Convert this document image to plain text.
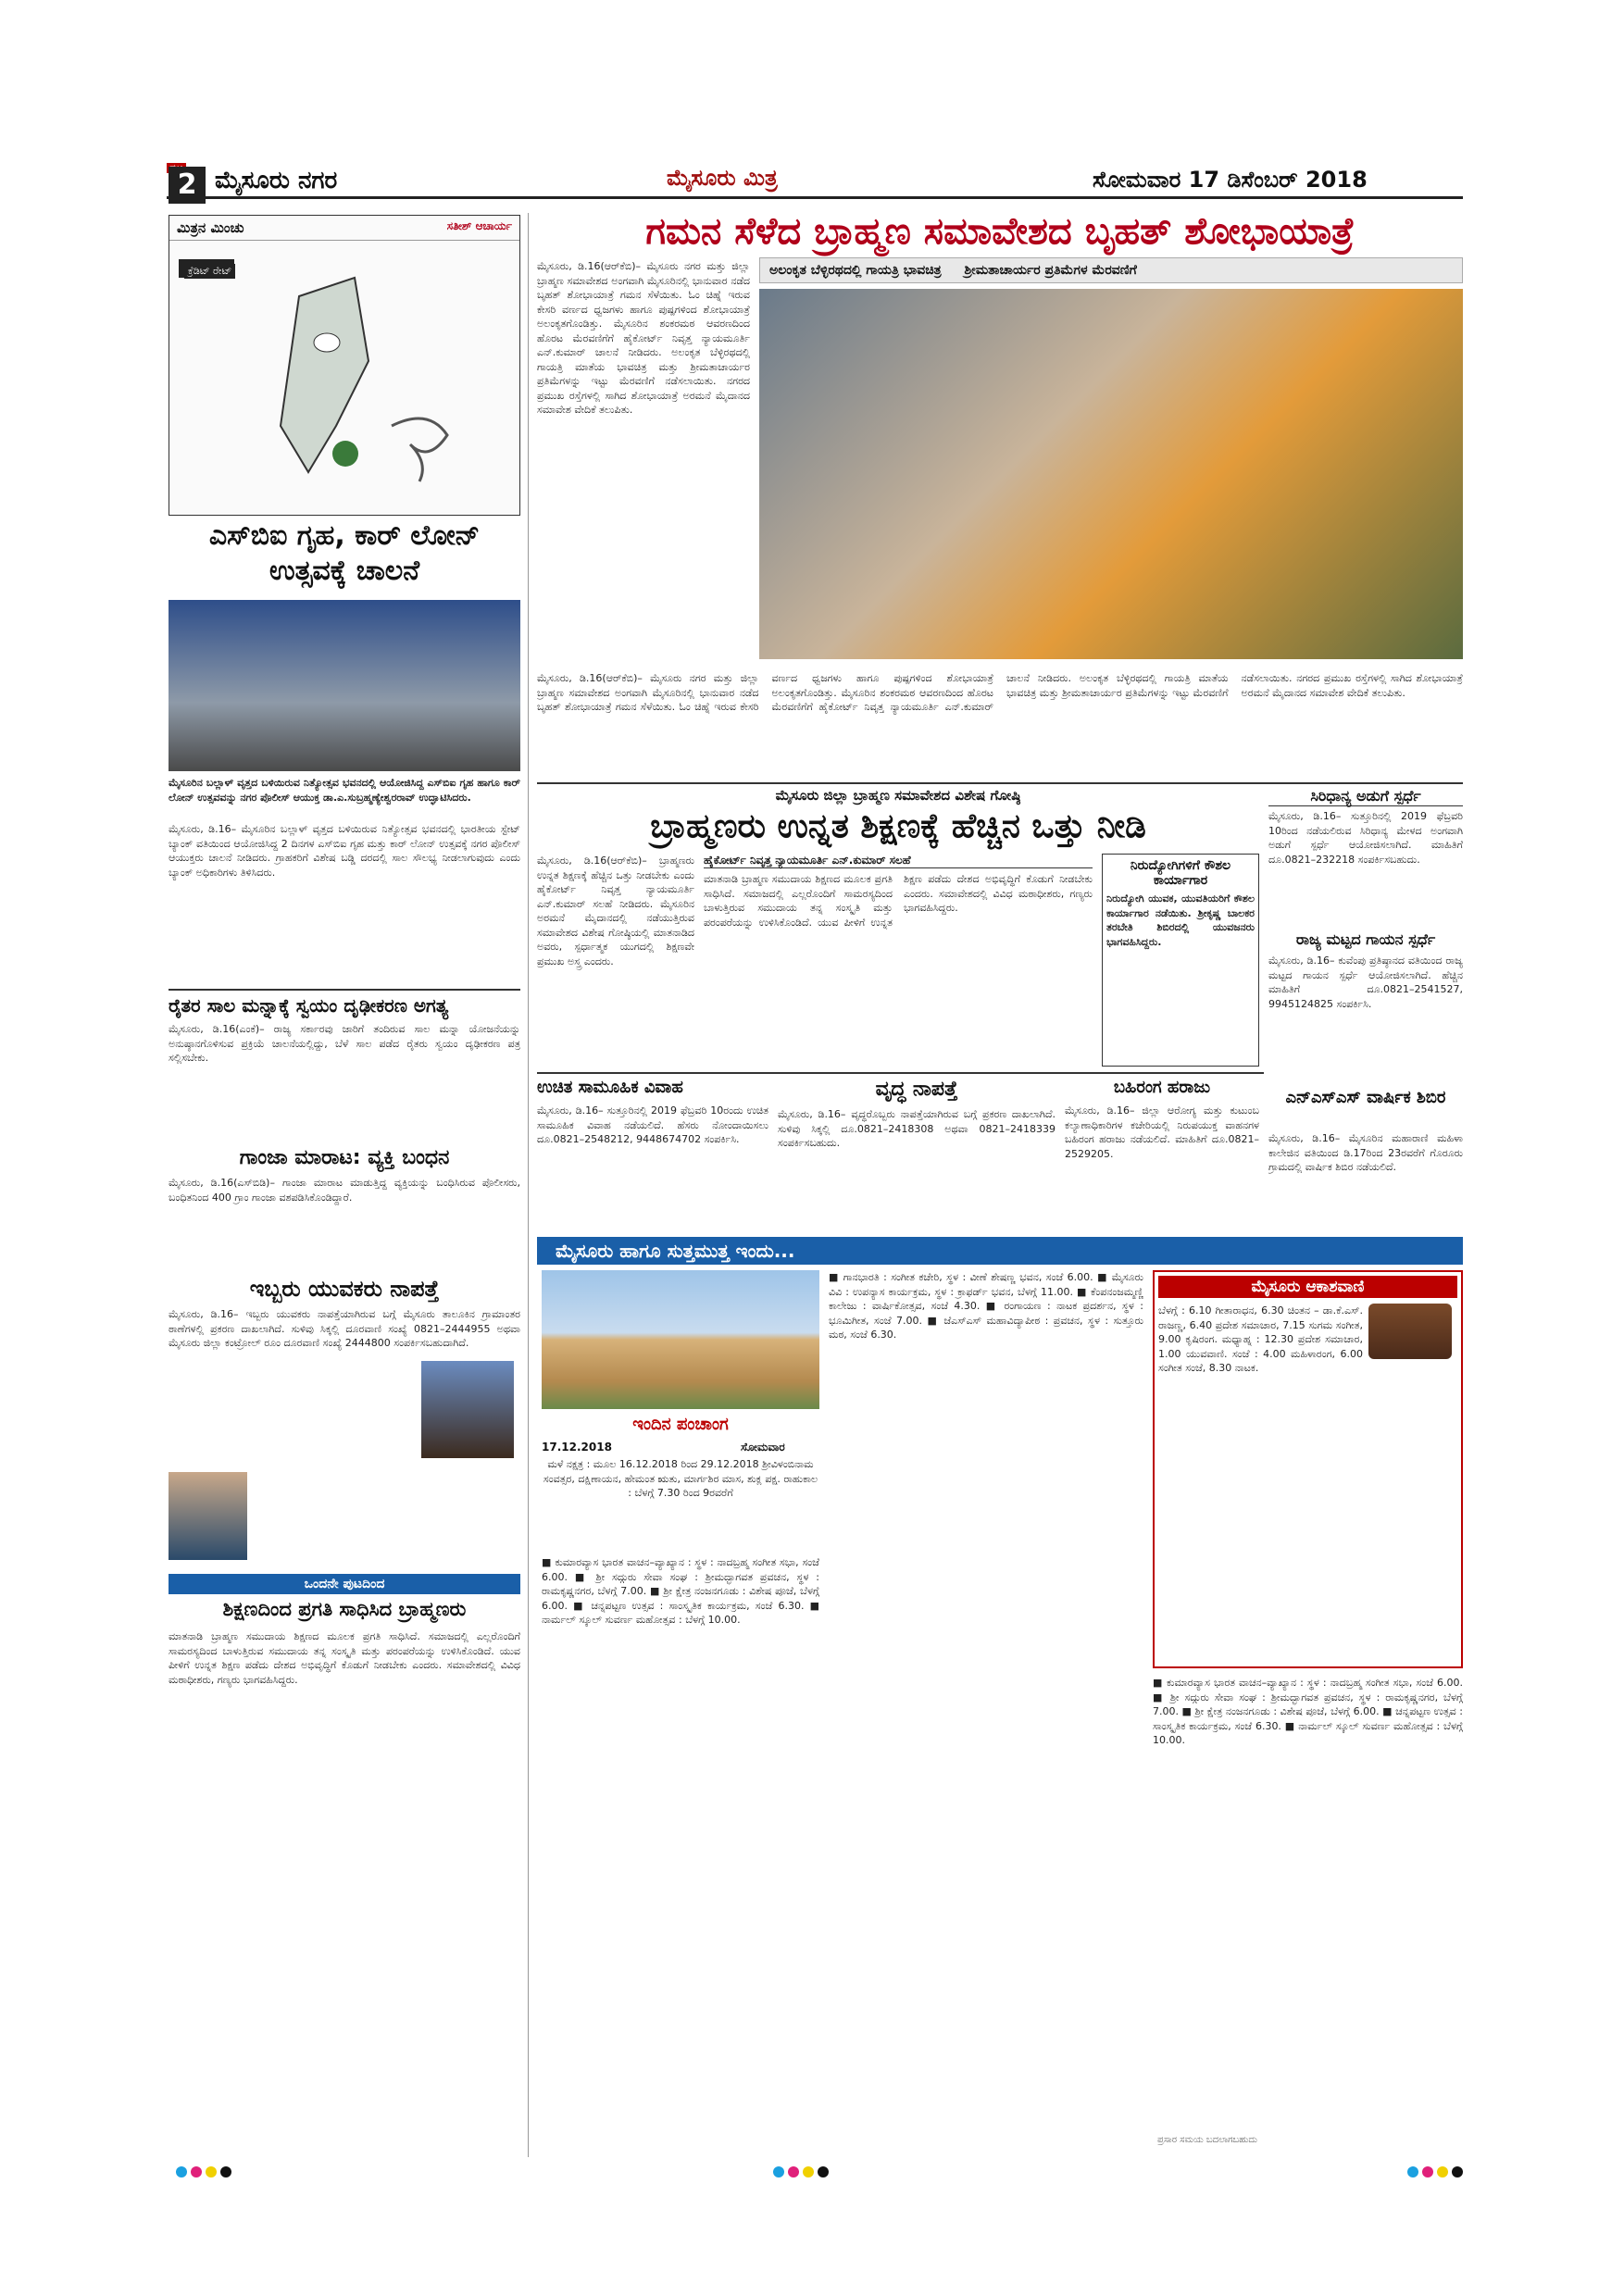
2 ಮೈಸೂರು ನಗರ	ಮೈಸೂರು ಮಿತ್ರ	ಸೋಮವಾರ 17 ಡಿಸೆಂಬರ್ 2018
ಮಿತ್ರನ ಮಿಂಚು	ಸತೀಶ್ ಆಚಾರ್ಯ
ಕ್ರೆಡಿಟ್ ರೇಟ್
ಎಸ್‌ಬಿಐ ಗೃಹ, ಕಾರ್ ಲೋನ್ ಉತ್ಸವಕ್ಕೆ ಚಾಲನೆ
ಮೈಸೂರಿನ ಬಲ್ಲಾಳ್ ವೃತ್ತದ ಬಳಿಯಿರುವ ನಿತ್ಯೋತ್ಸವ ಭವನದಲ್ಲಿ ಆಯೋಜಿಸಿದ್ದ ಎಸ್‌ಬಿಐ ಗೃಹ ಹಾಗೂ ಕಾರ್ ಲೋನ್ ಉತ್ಸವವನ್ನು ನಗರ ಪೊಲೀಸ್ ಆಯುಕ್ತ ಡಾ.ಎ.ಸುಬ್ರಹ್ಮಣ್ಯೇಶ್ವರರಾವ್ ಉದ್ಘಾಟಿಸಿದರು.
ಮೈಸೂರು, ಡಿ.16– ಮೈಸೂರಿನ ಬಲ್ಲಾಳ್ ವೃತ್ತದ ಬಳಿಯಿರುವ ನಿತ್ಯೋತ್ಸವ ಭವನದಲ್ಲಿ ಭಾರತೀಯ ಸ್ಟೇಟ್ ಬ್ಯಾಂಕ್ ವತಿಯಿಂದ ಆಯೋಜಿಸಿದ್ದ 2 ದಿನಗಳ ಎಸ್‌ಬಿಐ ಗೃಹ ಮತ್ತು ಕಾರ್ ಲೋನ್ ಉತ್ಸವಕ್ಕೆ ನಗರ ಪೊಲೀಸ್ ಆಯುಕ್ತರು ಚಾಲನೆ ನೀಡಿದರು. ಗ್ರಾಹಕರಿಗೆ ವಿಶೇಷ ಬಡ್ಡಿ ದರದಲ್ಲಿ ಸಾಲ ಸೌಲಭ್ಯ ನೀಡಲಾಗುವುದು ಎಂದು ಬ್ಯಾಂಕ್ ಅಧಿಕಾರಿಗಳು ತಿಳಿಸಿದರು.
ರೈತರ ಸಾಲ ಮನ್ನಾಕ್ಕೆ ಸ್ವಯಂ ದೃಢೀಕರಣ ಅಗತ್ಯ
ಮೈಸೂರು, ಡಿ.16(ಎಂಕೆ)– ರಾಜ್ಯ ಸರ್ಕಾರವು ಜಾರಿಗೆ ತಂದಿರುವ ಸಾಲ ಮನ್ನಾ ಯೋಜನೆಯನ್ನು ಅನುಷ್ಠಾನಗೊಳಿಸುವ ಪ್ರಕ್ರಿಯೆ ಚಾಲನೆಯಲ್ಲಿದ್ದು, ಬೆಳೆ ಸಾಲ ಪಡೆದ ರೈತರು ಸ್ವಯಂ ದೃಢೀಕರಣ ಪತ್ರ ಸಲ್ಲಿಸಬೇಕು.
ಗಾಂಜಾ ಮಾರಾಟ: ವ್ಯಕ್ತಿ ಬಂಧನ
ಮೈಸೂರು, ಡಿ.16(ಎಸ್‌ಬಿಡಿ)– ಗಾಂಜಾ ಮಾರಾಟ ಮಾಡುತ್ತಿದ್ದ ವ್ಯಕ್ತಿಯನ್ನು ಬಂಧಿಸಿರುವ ಪೊಲೀಸರು, ಬಂಧಿತನಿಂದ 400 ಗ್ರಾಂ ಗಾಂಜಾ ವಶಪಡಿಸಿಕೊಂಡಿದ್ದಾರೆ.
ಇಬ್ಬರು ಯುವಕರು ನಾಪತ್ತೆ
ಮೈಸೂರು, ಡಿ.16– ಇಬ್ಬರು ಯುವಕರು ನಾಪತ್ತೆಯಾಗಿರುವ ಬಗ್ಗೆ ಮೈಸೂರು ತಾಲೂಕಿನ ಗ್ರಾಮಾಂತರ ಠಾಣೆಗಳಲ್ಲಿ ಪ್ರಕರಣ ದಾಖಲಾಗಿದೆ. ಸುಳಿವು ಸಿಕ್ಕಲ್ಲಿ ದೂರವಾಣಿ ಸಂಖ್ಯೆ 0821–2444955 ಅಥವಾ ಮೈಸೂರು ಜಿಲ್ಲಾ ಕಂಟ್ರೋಲ್ ರೂಂ ದೂರವಾಣಿ ಸಂಖ್ಯೆ 2444800 ಸಂಪರ್ಕಿಸಬಹುದಾಗಿದೆ.
ಒಂದನೇ ಪುಟದಿಂದ
ಶಿಕ್ಷಣದಿಂದ ಪ್ರಗತಿ ಸಾಧಿಸಿದ ಬ್ರಾಹ್ಮಣರು
ಮಾತನಾಡಿ ಬ್ರಾಹ್ಮಣ ಸಮುದಾಯ ಶಿಕ್ಷಣದ ಮೂಲಕ ಪ್ರಗತಿ ಸಾಧಿಸಿದೆ. ಸಮಾಜದಲ್ಲಿ ಎಲ್ಲರೊಂದಿಗೆ ಸಾಮರಸ್ಯದಿಂದ ಬಾಳುತ್ತಿರುವ ಸಮುದಾಯ ತನ್ನ ಸಂಸ್ಕೃತಿ ಮತ್ತು ಪರಂಪರೆಯನ್ನು ಉಳಿಸಿಕೊಂಡಿದೆ. ಯುವ ಪೀಳಿಗೆ ಉನ್ನತ ಶಿಕ್ಷಣ ಪಡೆದು ದೇಶದ ಅಭಿವೃದ್ಧಿಗೆ ಕೊಡುಗೆ ನೀಡಬೇಕು ಎಂದರು. ಸಮಾವೇಶದಲ್ಲಿ ವಿವಿಧ ಮಠಾಧೀಶರು, ಗಣ್ಯರು ಭಾಗವಹಿಸಿದ್ದರು.
ಗಮನ ಸೆಳೆದ ಬ್ರಾಹ್ಮಣ ಸಮಾವೇಶದ ಬೃಹತ್ ಶೋಭಾಯಾತ್ರೆ
ಅಲಂಕೃತ ಬೆಳ್ಳಿರಥದಲ್ಲಿ ಗಾಯತ್ರಿ ಭಾವಚಿತ್ರ ಶ್ರೀಮತಾಚಾರ್ಯರ ಪ್ರತಿಮೆಗಳ ಮೆರವಣಿಗೆ
ಮೈಸೂರು, ಡಿ.16(ಆರ್‌ಕೆಬಿ)– ಮೈಸೂರು ನಗರ ಮತ್ತು ಜಿಲ್ಲಾ ಬ್ರಾಹ್ಮಣ ಸಮಾವೇಶದ ಅಂಗವಾಗಿ ಮೈಸೂರಿನಲ್ಲಿ ಭಾನುವಾರ ನಡೆದ ಬೃಹತ್ ಶೋಭಾಯಾತ್ರೆ ಗಮನ ಸೆಳೆಯಿತು. ಓಂ ಚಿಹ್ನೆ ಇರುವ ಕೇಸರಿ ವರ್ಣದ ಧ್ವಜಗಳು ಹಾಗೂ ಪುಷ್ಪಗಳಿಂದ ಶೋಭಾಯಾತ್ರೆ ಅಲಂಕೃತಗೊಂಡಿತ್ತು. ಮೈಸೂರಿನ ಶಂಕರಮಠ ಆವರಣದಿಂದ ಹೊರಟ ಮೆರವಣಿಗೆಗೆ ಹೈಕೋರ್ಟ್ ನಿವೃತ್ತ ನ್ಯಾಯಮೂರ್ತಿ ಎನ್.ಕುಮಾರ್ ಚಾಲನೆ ನೀಡಿದರು. ಅಲಂಕೃತ ಬೆಳ್ಳಿರಥದಲ್ಲಿ ಗಾಯತ್ರಿ ಮಾತೆಯ ಭಾವಚಿತ್ರ ಮತ್ತು ಶ್ರೀಮತಾಚಾರ್ಯರ ಪ್ರತಿಮೆಗಳನ್ನು ಇಟ್ಟು ಮೆರವಣಿಗೆ ನಡೆಸಲಾಯಿತು. ನಗರದ ಪ್ರಮುಖ ರಸ್ತೆಗಳಲ್ಲಿ ಸಾಗಿದ ಶೋಭಾಯಾತ್ರೆ ಅರಮನೆ ಮೈದಾನದ ಸಮಾವೇಶ ವೇದಿಕೆ ತಲುಪಿತು.
ಮೈಸೂರು, ಡಿ.16(ಆರ್‌ಕೆಬಿ)– ಮೈಸೂರು ನಗರ ಮತ್ತು ಜಿಲ್ಲಾ ಬ್ರಾಹ್ಮಣ ಸಮಾವೇಶದ ಅಂಗವಾಗಿ ಮೈಸೂರಿನಲ್ಲಿ ಭಾನುವಾರ ನಡೆದ ಬೃಹತ್ ಶೋಭಾಯಾತ್ರೆ ಗಮನ ಸೆಳೆಯಿತು. ಓಂ ಚಿಹ್ನೆ ಇರುವ ಕೇಸರಿ ವರ್ಣದ ಧ್ವಜಗಳು ಹಾಗೂ ಪುಷ್ಪಗಳಿಂದ ಶೋಭಾಯಾತ್ರೆ ಅಲಂಕೃತಗೊಂಡಿತ್ತು. ಮೈಸೂರಿನ ಶಂಕರಮಠ ಆವರಣದಿಂದ ಹೊರಟ ಮೆರವಣಿಗೆಗೆ ಹೈಕೋರ್ಟ್ ನಿವೃತ್ತ ನ್ಯಾಯಮೂರ್ತಿ ಎನ್.ಕುಮಾರ್ ಚಾಲನೆ ನೀಡಿದರು. ಅಲಂಕೃತ ಬೆಳ್ಳಿರಥದಲ್ಲಿ ಗಾಯತ್ರಿ ಮಾತೆಯ ಭಾವಚಿತ್ರ ಮತ್ತು ಶ್ರೀಮತಾಚಾರ್ಯರ ಪ್ರತಿಮೆಗಳನ್ನು ಇಟ್ಟು ಮೆರವಣಿಗೆ ನಡೆಸಲಾಯಿತು. ನಗರದ ಪ್ರಮುಖ ರಸ್ತೆಗಳಲ್ಲಿ ಸಾಗಿದ ಶೋಭಾಯಾತ್ರೆ ಅರಮನೆ ಮೈದಾನದ ಸಮಾವೇಶ ವೇದಿಕೆ ತಲುಪಿತು.
ಮೈಸೂರು ಜಿಲ್ಲಾ ಬ್ರಾಹ್ಮಣ ಸಮಾವೇಶದ ವಿಶೇಷ ಗೋಷ್ಠಿ
ಬ್ರಾಹ್ಮಣರು ಉನ್ನತ ಶಿಕ್ಷಣಕ್ಕೆ ಹೆಚ್ಚಿನ ಒತ್ತು ನೀಡಿ
ಹೈಕೋರ್ಟ್ ನಿವೃತ್ತ ನ್ಯಾಯಮೂರ್ತಿ ಎನ್.ಕುಮಾರ್ ಸಲಹೆ
ಮೈಸೂರು, ಡಿ.16(ಆರ್‌ಕೆಬಿ)– ಬ್ರಾಹ್ಮಣರು ಉನ್ನತ ಶಿಕ್ಷಣಕ್ಕೆ ಹೆಚ್ಚಿನ ಒತ್ತು ನೀಡಬೇಕು ಎಂದು ಹೈಕೋರ್ಟ್ ನಿವೃತ್ತ ನ್ಯಾಯಮೂರ್ತಿ ಎನ್.ಕುಮಾರ್ ಸಲಹೆ ನೀಡಿದರು. ಮೈಸೂರಿನ ಅರಮನೆ ಮೈದಾನದಲ್ಲಿ ನಡೆಯುತ್ತಿರುವ ಸಮಾವೇಶದ ವಿಶೇಷ ಗೋಷ್ಠಿಯಲ್ಲಿ ಮಾತನಾಡಿದ ಅವರು, ಸ್ಪರ್ಧಾತ್ಮಕ ಯುಗದಲ್ಲಿ ಶಿಕ್ಷಣವೇ ಪ್ರಮುಖ ಅಸ್ತ್ರ ಎಂದರು.
ಮಾತನಾಡಿ ಬ್ರಾಹ್ಮಣ ಸಮುದಾಯ ಶಿಕ್ಷಣದ ಮೂಲಕ ಪ್ರಗತಿ ಸಾಧಿಸಿದೆ. ಸಮಾಜದಲ್ಲಿ ಎಲ್ಲರೊಂದಿಗೆ ಸಾಮರಸ್ಯದಿಂದ ಬಾಳುತ್ತಿರುವ ಸಮುದಾಯ ತನ್ನ ಸಂಸ್ಕೃತಿ ಮತ್ತು ಪರಂಪರೆಯನ್ನು ಉಳಿಸಿಕೊಂಡಿದೆ. ಯುವ ಪೀಳಿಗೆ ಉನ್ನತ ಶಿಕ್ಷಣ ಪಡೆದು ದೇಶದ ಅಭಿವೃದ್ಧಿಗೆ ಕೊಡುಗೆ ನೀಡಬೇಕು ಎಂದರು. ಸಮಾವೇಶದಲ್ಲಿ ವಿವಿಧ ಮಠಾಧೀಶರು, ಗಣ್ಯರು ಭಾಗವಹಿಸಿದ್ದರು.
ನಿರುದ್ಯೋಗಿಗಳಿಗೆ ಕೌಶಲ ಕಾರ್ಯಾಗಾರ
ನಿರುದ್ಯೋಗಿ ಯುವಕ, ಯುವತಿಯರಿಗೆ ಕೌಶಲ ಕಾರ್ಯಾಗಾರ ನಡೆಯಿತು. ಶ್ರೀಕೃಷ್ಣ ಬಾಲಕರ ತರಬೇತಿ ಶಿಬಿರದಲ್ಲಿ ಯುವಜನರು ಭಾಗವಹಿಸಿದ್ದರು.
ಸಿರಿಧಾನ್ಯ ಅಡುಗೆ ಸ್ಪರ್ಧೆ
ಮೈಸೂರು, ಡಿ.16– ಸುತ್ತೂರಿನಲ್ಲಿ 2019 ಫೆಬ್ರವರಿ 10ರಿಂದ ನಡೆಯಲಿರುವ ಸಿರಿಧಾನ್ಯ ಮೇಳದ ಅಂಗವಾಗಿ ಅಡುಗೆ ಸ್ಪರ್ಧೆ ಆಯೋಜಿಸಲಾಗಿದೆ. ಮಾಹಿತಿಗೆ ದೂ.0821–232218 ಸಂಪರ್ಕಿಸಬಹುದು.
ರಾಜ್ಯ ಮಟ್ಟದ ಗಾಯನ ಸ್ಪರ್ಧೆ
ಮೈಸೂರು, ಡಿ.16– ಕುವೆಂಪು ಪ್ರತಿಷ್ಠಾನದ ವತಿಯಿಂದ ರಾಜ್ಯ ಮಟ್ಟದ ಗಾಯನ ಸ್ಪರ್ಧೆ ಆಯೋಜಿಸಲಾಗಿದೆ. ಹೆಚ್ಚಿನ ಮಾಹಿತಿಗೆ ದೂ.0821–2541527, 9945124825 ಸಂಪರ್ಕಿಸಿ.
ಎನ್‌ಎಸ್‌ಎಸ್ ವಾರ್ಷಿಕ ಶಿಬಿರ
ಮೈಸೂರು, ಡಿ.16– ಮೈಸೂರಿನ ಮಹಾರಾಣಿ ಮಹಿಳಾ ಕಾಲೇಜಿನ ವತಿಯಿಂದ ಡಿ.17ರಿಂದ 23ರವರೆಗೆ ಗೊರೂರು ಗ್ರಾಮದಲ್ಲಿ ವಾರ್ಷಿಕ ಶಿಬಿರ ನಡೆಯಲಿದೆ.
ಉಚಿತ ಸಾಮೂಹಿಕ ವಿವಾಹ
ಮೈಸೂರು, ಡಿ.16– ಸುತ್ತೂರಿನಲ್ಲಿ 2019 ಫೆಬ್ರವರಿ 10ರಂದು ಉಚಿತ ಸಾಮೂಹಿಕ ವಿವಾಹ ನಡೆಯಲಿದೆ. ಹೆಸರು ನೋಂದಾಯಿಸಲು ದೂ.0821–2548212, 9448674702 ಸಂಪರ್ಕಿಸಿ.
ವೃದ್ಧ ನಾಪತ್ತೆ
ಮೈಸೂರು, ಡಿ.16– ವೃದ್ಧರೊಬ್ಬರು ನಾಪತ್ತೆಯಾಗಿರುವ ಬಗ್ಗೆ ಪ್ರಕರಣ ದಾಖಲಾಗಿದೆ. ಸುಳಿವು ಸಿಕ್ಕಲ್ಲಿ ದೂ.0821–2418308 ಅಥವಾ 0821–2418339 ಸಂಪರ್ಕಿಸಬಹುದು.
ಬಹಿರಂಗ ಹರಾಜು
ಮೈಸೂರು, ಡಿ.16– ಜಿಲ್ಲಾ ಆರೋಗ್ಯ ಮತ್ತು ಕುಟುಂಬ ಕಲ್ಯಾಣಾಧಿಕಾರಿಗಳ ಕಚೇರಿಯಲ್ಲಿ ನಿರುಪಯುಕ್ತ ವಾಹನಗಳ ಬಹಿರಂಗ ಹರಾಜು ನಡೆಯಲಿದೆ. ಮಾಹಿತಿಗೆ ದೂ.0821–2529205.
ಮೈಸೂರು ಹಾಗೂ ಸುತ್ತಮುತ್ತ ಇಂದು...
ಇಂದಿನ ಪಂಚಾಂಗ
17.12.2018	ಸೋಮವಾರ
ಮಳೆ ನಕ್ಷತ್ರ : ಮೂಲ 16.12.2018 ರಿಂದ 29.12.2018 ಶ್ರೀವಿಳಂಬಿನಾಮ ಸಂವತ್ಸರ, ದಕ್ಷಿಣಾಯನ, ಹೇಮಂತ ಋತು, ಮಾರ್ಗಶಿರ ಮಾಸ, ಶುಕ್ಲ ಪಕ್ಷ. ರಾಹುಕಾಲ : ಬೆಳಗ್ಗೆ 7.30 ರಿಂದ 9ರವರೆಗೆ
■ ಕುಮಾರವ್ಯಾಸ ಭಾರತ ವಾಚನ–ವ್ಯಾಖ್ಯಾನ : ಸ್ಥಳ : ನಾದಬ್ರಹ್ಮ ಸಂಗೀತ ಸಭಾ, ಸಂಜೆ 6.00. ■ ಶ್ರೀ ಸದ್ಗುರು ಸೇವಾ ಸಂಘ : ಶ್ರೀಮದ್ಭಾಗವತ ಪ್ರವಚನ, ಸ್ಥಳ : ರಾಮಕೃಷ್ಣನಗರ, ಬೆಳಗ್ಗೆ 7.00. ■ ಶ್ರೀ ಕ್ಷೇತ್ರ ನಂಜನಗೂಡು : ವಿಶೇಷ ಪೂಜೆ, ಬೆಳಗ್ಗೆ 6.00. ■ ಚನ್ನಪಟ್ಟಣ ಉತ್ಸವ : ಸಾಂಸ್ಕೃತಿಕ ಕಾರ್ಯಕ್ರಮ, ಸಂಜೆ 6.30. ■ ನಾರ್ಮಲ್ ಸ್ಕೂಲ್ ಸುವರ್ಣ ಮಹೋತ್ಸವ : ಬೆಳಗ್ಗೆ 10.00.
■ ಗಾನಭಾರತಿ : ಸಂಗೀತ ಕಚೇರಿ, ಸ್ಥಳ : ವೀಣೆ ಶೇಷಣ್ಣ ಭವನ, ಸಂಜೆ 6.00. ■ ಮೈಸೂರು ವಿವಿ : ಉಪನ್ಯಾಸ ಕಾರ್ಯಕ್ರಮ, ಸ್ಥಳ : ಕ್ರಾಫರ್ಡ್ ಭವನ, ಬೆಳಗ್ಗೆ 11.00. ■ ಕೆಂಪನಂಜಮ್ಮಣ್ಣಿ ಕಾಲೇಜು : ವಾರ್ಷಿಕೋತ್ಸವ, ಸಂಜೆ 4.30. ■ ರಂಗಾಯಣ : ನಾಟಕ ಪ್ರದರ್ಶನ, ಸ್ಥಳ : ಭೂಮಿಗೀತ, ಸಂಜೆ 7.00. ■ ಜೆಎಸ್‌ಎಸ್ ಮಹಾವಿದ್ಯಾಪೀಠ : ಪ್ರವಚನ, ಸ್ಥಳ : ಸುತ್ತೂರು ಮಠ, ಸಂಜೆ 6.30.
ಮೈಸೂರು ಆಕಾಶವಾಣಿ
ಬೆಳಗ್ಗೆ : 6.10 ಗೀತಾರಾಧನ, 6.30 ಚಿಂತನ – ಡಾ.ಕೆ.ಎಸ್. ರಾಜಣ್ಣ, 6.40 ಪ್ರದೇಶ ಸಮಾಚಾರ, 7.15 ಸುಗಮ ಸಂಗೀತ, 9.00 ಕೃಷಿರಂಗ. ಮಧ್ಯಾಹ್ನ : 12.30 ಪ್ರದೇಶ ಸಮಾಚಾರ, 1.00 ಯುವವಾಣಿ. ಸಂಜೆ : 4.00 ಮಹಿಳಾರಂಗ, 6.00 ಸಂಗೀತ ಸಂಜೆ, 8.30 ನಾಟಕ.
■ ಕುಮಾರವ್ಯಾಸ ಭಾರತ ವಾಚನ–ವ್ಯಾಖ್ಯಾನ : ಸ್ಥಳ : ನಾದಬ್ರಹ್ಮ ಸಂಗೀತ ಸಭಾ, ಸಂಜೆ 6.00. ■ ಶ್ರೀ ಸದ್ಗುರು ಸೇವಾ ಸಂಘ : ಶ್ರೀಮದ್ಭಾಗವತ ಪ್ರವಚನ, ಸ್ಥಳ : ರಾಮಕೃಷ್ಣನಗರ, ಬೆಳಗ್ಗೆ 7.00. ■ ಶ್ರೀ ಕ್ಷೇತ್ರ ನಂಜನಗೂಡು : ವಿಶೇಷ ಪೂಜೆ, ಬೆಳಗ್ಗೆ 6.00. ■ ಚನ್ನಪಟ್ಟಣ ಉತ್ಸವ : ಸಾಂಸ್ಕೃತಿಕ ಕಾರ್ಯಕ್ರಮ, ಸಂಜೆ 6.30. ■ ನಾರ್ಮಲ್ ಸ್ಕೂಲ್ ಸುವರ್ಣ ಮಹೋತ್ಸವ : ಬೆಳಗ್ಗೆ 10.00.
ಪ್ರಸಾರ ಸಮಯ ಬದಲಾಗಬಹುದು
